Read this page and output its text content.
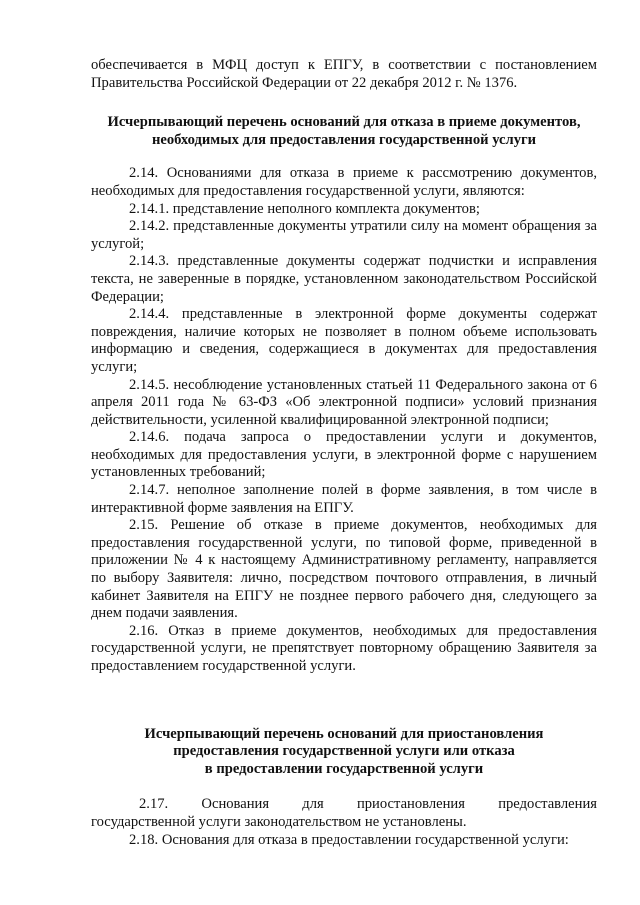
обеспечивается в МФЦ доступ к ЕПГУ, в соответствии с постановлением Правительства Российской Федерации от 22 декабря 2012 г. № 1376.

Исчерпывающий перечень оснований для отказа в приеме документов,

необходимых для предоставления государственной услуги

2.14. Основаниями для отказа в приеме к рассмотрению документов, необходимых для предоставления государственной услуги, являются:

2.14.1. представление неполного комплекта документов;

2.14.2. представленные документы утратили силу на момент обращения за услугой;

2.14.3. представленные документы содержат подчистки и исправления текста, не заверенные в порядке, установленном законодательством Российской Федерации;

2.14.4. представленные в электронной форме документы содержат повреждения, наличие которых не позволяет в полном объеме использовать информацию и сведения, содержащиеся в документах для предоставления услуги;

2.14.5. несоблюдение установленных статьей 11 Федерального закона от 6 апреля 2011 года № 63-ФЗ «Об электронной подписи» условий признания действительности, усиленной квалифицированной электронной подписи;

2.14.6. подача запроса о предоставлении услуги и документов, необходимых для предоставления услуги, в электронной форме с нарушением установленных требований;

2.14.7. неполное заполнение полей в форме заявления, в том числе в интерактивной форме заявления на ЕПГУ.

2.15. Решение об отказе в приеме документов, необходимых для предоставления государственной услуги, по типовой форме, приведенной в приложении № 4 к настоящему Административному регламенту, направляется по выбору Заявителя: лично, посредством почтового отправления, в личный кабинет Заявителя на ЕПГУ не позднее первого рабочего дня, следующего за днем подачи заявления.

2.16. Отказ в приеме документов, необходимых для предоставления государственной услуги, не препятствует повторному обращению Заявителя за предоставлением государственной услуги.

Исчерпывающий перечень оснований для приостановления

предоставления государственной услуги или отказа

в предоставлении государственной услуги

2.17. Основания для приостановления предоставления

государственной услуги законодательством не установлены.

2.18. Основания для отказа в предоставлении государственной услуги:
